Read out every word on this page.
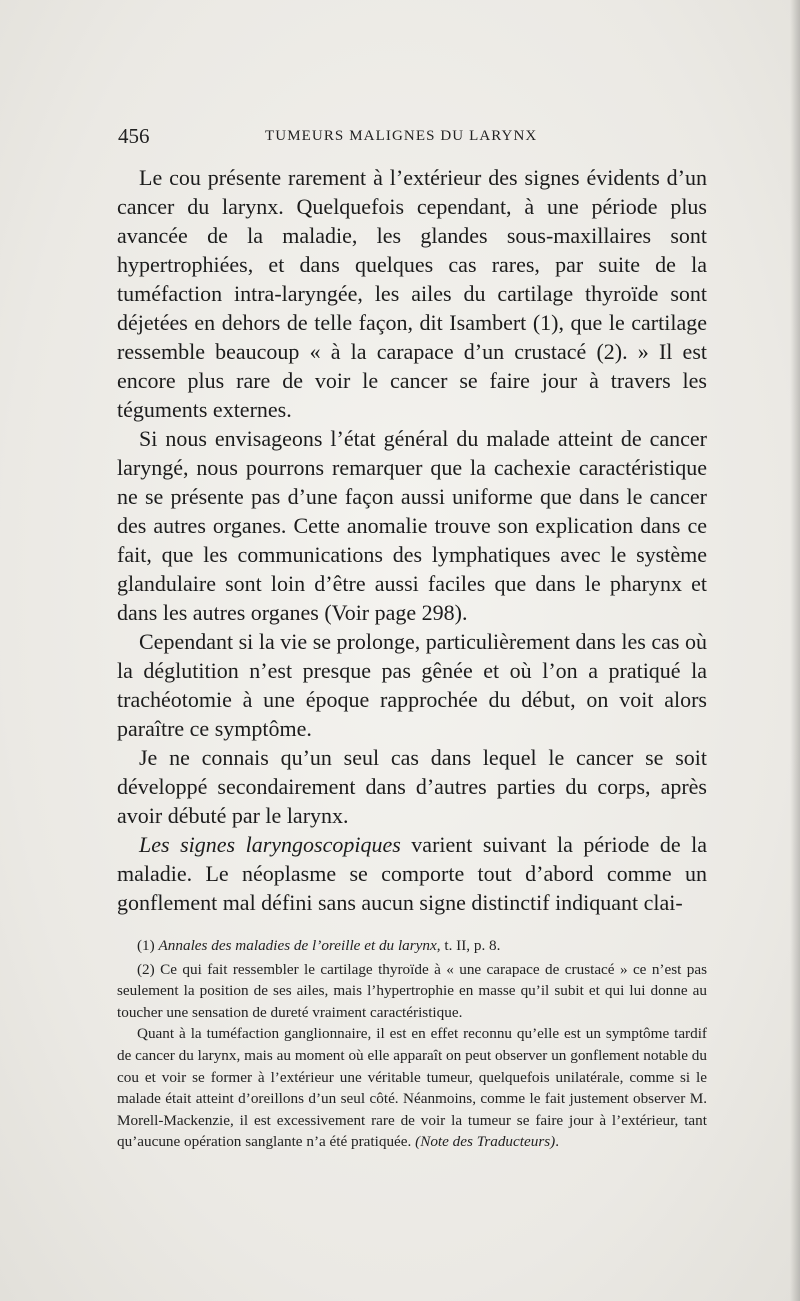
456	TUMEURS MALIGNES DU LARYNX

Le cou présente rarement à l’extérieur des signes évidents d’un cancer du larynx. Quelquefois cependant, à une période plus avancée de la maladie, les glandes sous-maxillaires sont hypertrophiées, et dans quelques cas rares, par suite de la tuméfaction intra-laryngée, les ailes du cartilage thyroïde sont déjetées en dehors de telle façon, dit Isambert (1), que le cartilage ressemble beaucoup « à la carapace d’un crustacé (2). » Il est encore plus rare de voir le cancer se faire jour à travers les téguments externes.

Si nous envisageons l’état général du malade atteint de cancer laryngé, nous pourrons remarquer que la cachexie caractéristique ne se présente pas d’une façon aussi uniforme que dans le cancer des autres organes. Cette anomalie trouve son explication dans ce fait, que les communications des lymphatiques avec le système glandulaire sont loin d’être aussi faciles que dans le pharynx et dans les autres organes (Voir page 298).

Cependant si la vie se prolonge, particulièrement dans les cas où la déglutition n’est presque pas gênée et où l’on a pratiqué la trachéotomie à une époque rapprochée du début, on voit alors paraître ce symptôme.

Je ne connais qu’un seul cas dans lequel le cancer se soit développé secondairement dans d’autres parties du corps, après avoir débuté par le larynx.

Les signes laryngoscopiques varient suivant la période de la maladie. Le néoplasme se comporte tout d’abord comme un gonflement mal défini sans aucun signe distinctif indiquant clai-

(1) Annales des maladies de l’oreille et du larynx, t. II, p. 8.

(2) Ce qui fait ressembler le cartilage thyroïde à « une carapace de crustacé » ce n’est pas seulement la position de ses ailes, mais l’hypertrophie en masse qu’il subit et qui lui donne au toucher une sensation de dureté vraiment caractéristique.

Quant à la tuméfaction ganglionnaire, il est en effet reconnu qu’elle est un symptôme tardif de cancer du larynx, mais au moment où elle apparaît on peut observer un gonflement notable du cou et voir se former à l’extérieur une véritable tumeur, quelquefois unilatérale, comme si le malade était atteint d’oreillons d’un seul côté. Néanmoins, comme le fait justement observer M. Morell-Mackenzie, il est excessivement rare de voir la tumeur se faire jour à l’extérieur, tant qu’aucune opération sanglante n’a été pratiquée. (Note des Traducteurs).
